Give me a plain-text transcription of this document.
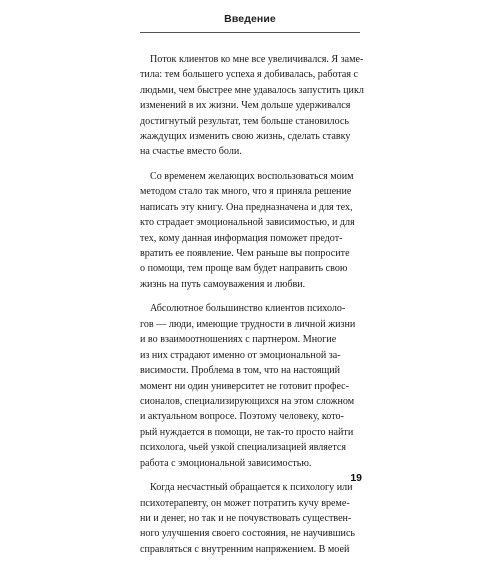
Введение
Поток клиентов ко мне все увеличивался. Я заме-
тила: тем большего успеха я добивалась, работая с
людьми, чем быстрее мне удавалось запустить цикл
изменений в их жизни. Чем дольше удерживался
достигнутый результат, тем больше становилось
жаждущих изменить свою жизнь, сделать ставку
на счастье вместо боли.
Со временем желающих воспользоваться моим
методом стало так много, что я приняла решение
написать эту книгу. Она предназначена и для тех,
кто страдает эмоциональной зависимостью, и для
тех, кому данная информация поможет предот-
вратить ее появление. Чем раньше вы попросите
о помощи, тем проще вам будет направить свою
жизнь на путь самоуважения и любви.
Абсолютное большинство клиентов психоло-
гов — люди, имеющие трудности в личной жизни
и во взаимоотношениях с партнером. Многие
из них страдают именно от эмоциональной за-
висимости. Проблема в том, что на настоящий
момент ни один университет не готовит профес-
сионалов, специализирующихся на этом сложном
и актуальном вопросе. Поэтому человеку, кото-
рый нуждается в помощи, не так-то просто найти
психолога, чьей узкой специализацией является
работа с эмоциональной зависимостью.
Когда несчастный обращается к психологу или
психотерапевту, он может потратить кучу време-
ни и денег, но так и не почувствовать существен-
ного улучшения своего состояния, не научившись
справляться с внутренним напряжением. В моей
19
